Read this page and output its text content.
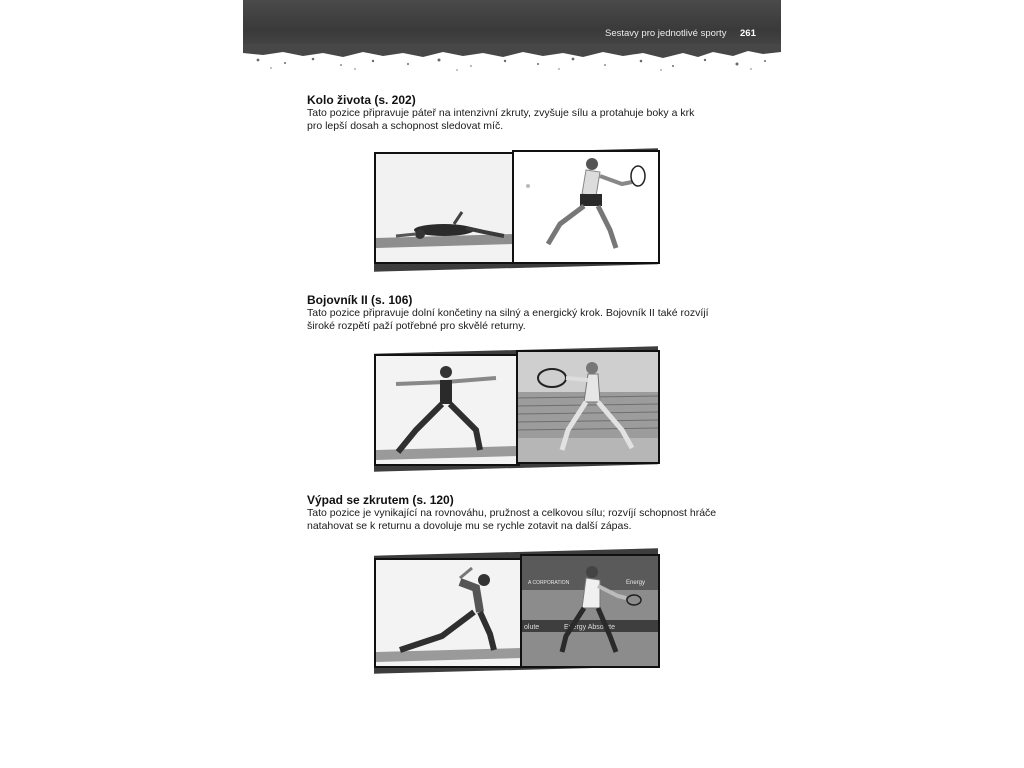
Sestavy pro jednotlivé sporty 261

Kolo života (s. 202)

Tato pozice připravuje páteř na intenzivní zkruty, zvyšuje sílu a protahuje boky a krk

pro lepší dosah a schopnost sledovat míč.

Bojovník II (s. 106)

Tato pozice připravuje dolní končetiny na silný a energický krok. Bojovník II také rozvíjí

široké rozpětí paží potřebné pro skvělé returny.

Výpad se zkrutem (s. 120)

Tato pozice je vynikající na rovnováhu, pružnost a celkovou sílu; rozvíjí schopnost hráče

natahovat se k returnu a dovoluje mu se rychle zotavit na další zápas.

A CORPORATION	Energy
olute	Energy Absolute
